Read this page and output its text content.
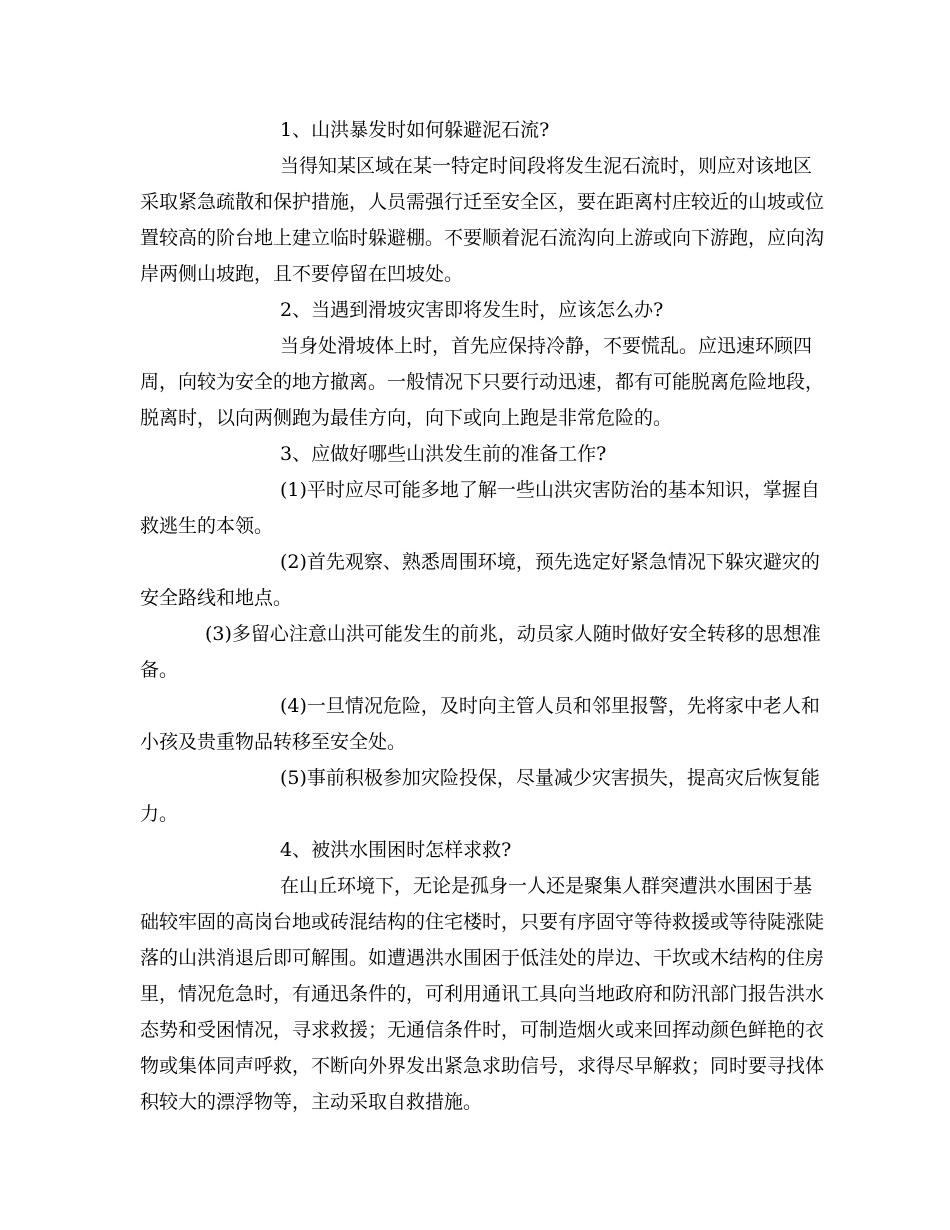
1、山洪暴发时如何躲避泥石流?
当得知某区域在某一特定时间段将发生泥石流时，则应对该地区
采取紧急疏散和保护措施，人员需强行迁至安全区，要在距离村庄较近的山坡或位
置较高的阶台地上建立临时躲避棚。不要顺着泥石流沟向上游或向下游跑，应向沟
岸两侧山坡跑，且不要停留在凹坡处。
2、当遇到滑坡灾害即将发生时，应该怎么办?
当身处滑坡体上时，首先应保持冷静，不要慌乱。应迅速环顾四
周，向较为安全的地方撤离。一般情况下只要行动迅速，都有可能脱离危险地段，
脱离时，以向两侧跑为最佳方向，向下或向上跑是非常危险的。
3、应做好哪些山洪发生前的准备工作?
(1)平时应尽可能多地了解一些山洪灾害防治的基本知识，掌握自
救逃生的本领。
(2)首先观察、熟悉周围环境，预先选定好紧急情况下躲灾避灾的
安全路线和地点。
(3)多留心注意山洪可能发生的前兆，动员家人随时做好安全转移的思想准
备。
(4)一旦情况危险，及时向主管人员和邻里报警，先将家中老人和
小孩及贵重物品转移至安全处。
(5)事前积极参加灾险投保，尽量减少灾害损失，提高灾后恢复能
力。
4、被洪水围困时怎样求救?
在山丘环境下，无论是孤身一人还是聚集人群突遭洪水围困于基
础较牢固的高岗台地或砖混结构的住宅楼时，只要有序固守等待救援或等待陡涨陡
落的山洪消退后即可解围。如遭遇洪水围困于低洼处的岸边、干坎或木结构的住房
里，情况危急时，有通迅条件的，可利用通讯工具向当地政府和防汛部门报告洪水
态势和受困情况，寻求救援；无通信条件时，可制造烟火或来回挥动颜色鲜艳的衣
物或集体同声呼救，不断向外界发出紧急求助信号，求得尽早解救；同时要寻找体
积较大的漂浮物等，主动采取自救措施。
